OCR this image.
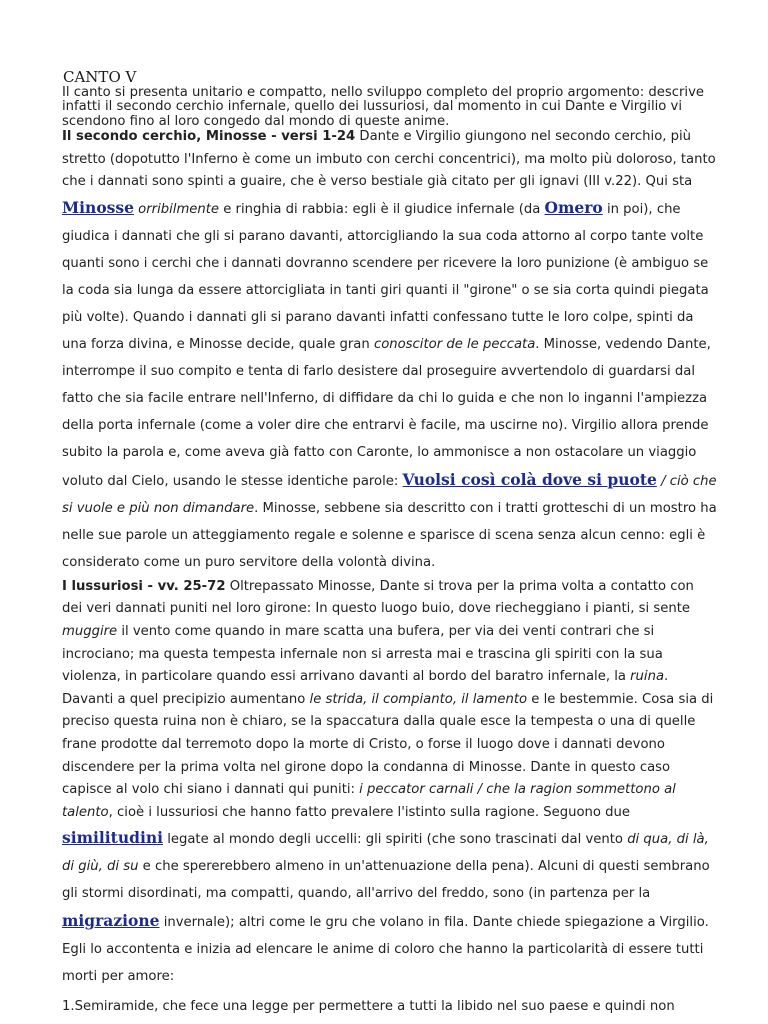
CANTO V
Il canto si presenta unitario e compatto, nello sviluppo completo del proprio argomento: descrive infatti il secondo cerchio infernale, quello dei lussuriosi, dal momento in cui Dante e Virgilio vi scendono fino al loro congedo dal mondo di queste anime.

Il secondo cerchio, Minosse - versi 1-24 Dante e Virgilio giungono nel secondo cerchio, più stretto (dopotutto l'Inferno è come un imbuto con cerchi concentrici), ma molto più doloroso, tanto che i dannati sono spinti a guaire, che è verso bestiale già citato per gli ignavi (III v.22). Qui sta

Minosse orribilmente e ringhia di rabbia: egli è il giudice infernale (da Omero in poi), che giudica i dannati che gli si parano davanti, attorcigliando la sua coda attorno al corpo tante volte quanti sono i cerchi che i dannati dovranno scendere per ricevere la loro punizione (è ambiguo se la coda sia lunga da essere attorcigliata in tanti giri quanti il "girone" o se sia corta quindi piegata più volte). Quando i dannati gli si parano davanti infatti confessano tutte le loro colpe, spinti da una forza divina, e Minosse decide, quale gran conoscitor de le peccata. Minosse, vedendo Dante, interrompe il suo compito e tenta di farlo desistere dal proseguire avvertendolo di guardarsi dal fatto che sia facile entrare nell'Inferno, di diffidare da chi lo guida e che non lo inganni l'ampiezza della porta infernale (come a voler dire che entrarvi è facile, ma uscirne no). Virgilio allora prende subito la parola e, come aveva già fatto con Caronte, lo ammonisce a non ostacolare un viaggio voluto dal Cielo, usando le stesse identiche parole: Vuolsi così colà dove si puote / ciò che si vuole e più non dimandare. Minosse, sebbene sia descritto con i tratti grotteschi di un mostro ha nelle sue parole un atteggiamento regale e solenne e sparisce di scena senza alcun cenno: egli è considerato come un puro servitore della volontà divina.

I lussuriosi - vv. 25-72 Oltrepassato Minosse, Dante si trova per la prima volta a contatto con dei veri dannati puniti nel loro girone: In questo luogo buio, dove riecheggiano i pianti, si sente muggire il vento come quando in mare scatta una bufera, per via dei venti contrari che si incrociano; ma questa tempesta infernale non si arresta mai e trascina gli spiriti con la sua violenza, in particolare quando essi arrivano davanti al bordo del baratro infernale, la ruina. Davanti a quel precipizio aumentano le strida, il compianto, il lamento e le bestemmie. Cosa sia di preciso questa ruina non è chiaro, se la spaccatura dalla quale esce la tempesta o una di quelle frane prodotte dal terremoto dopo la morte di Cristo, o forse il luogo dove i dannati devono discendere per la prima volta nel girone dopo la condanna di Minosse. Dante in questo caso capisce al volo chi siano i dannati qui puniti: i peccator carnali / che la ragion sommettono al talento, cioè i lussuriosi che hanno fatto prevalere l'istinto sulla ragione. Seguono due

similitudini legate al mondo degli uccelli: gli spiriti (che sono trascinati dal vento di qua, di là, di giù, di su e che spererebbero almeno in un'attenuazione della pena). Alcuni di questi sembrano gli stormi disordinati, ma compatti, quando, all'arrivo del freddo, sono (in partenza per la migrazione invernale); altri come le gru che volano in fila. Dante chiede spiegazione a Virgilio. Egli lo accontenta e inizia ad elencare le anime di coloro che hanno la particolarità di essere tutti morti per amore:

1.Semiramide, che fece una legge per permettere a tutti la libido nel suo paese e quindi non
